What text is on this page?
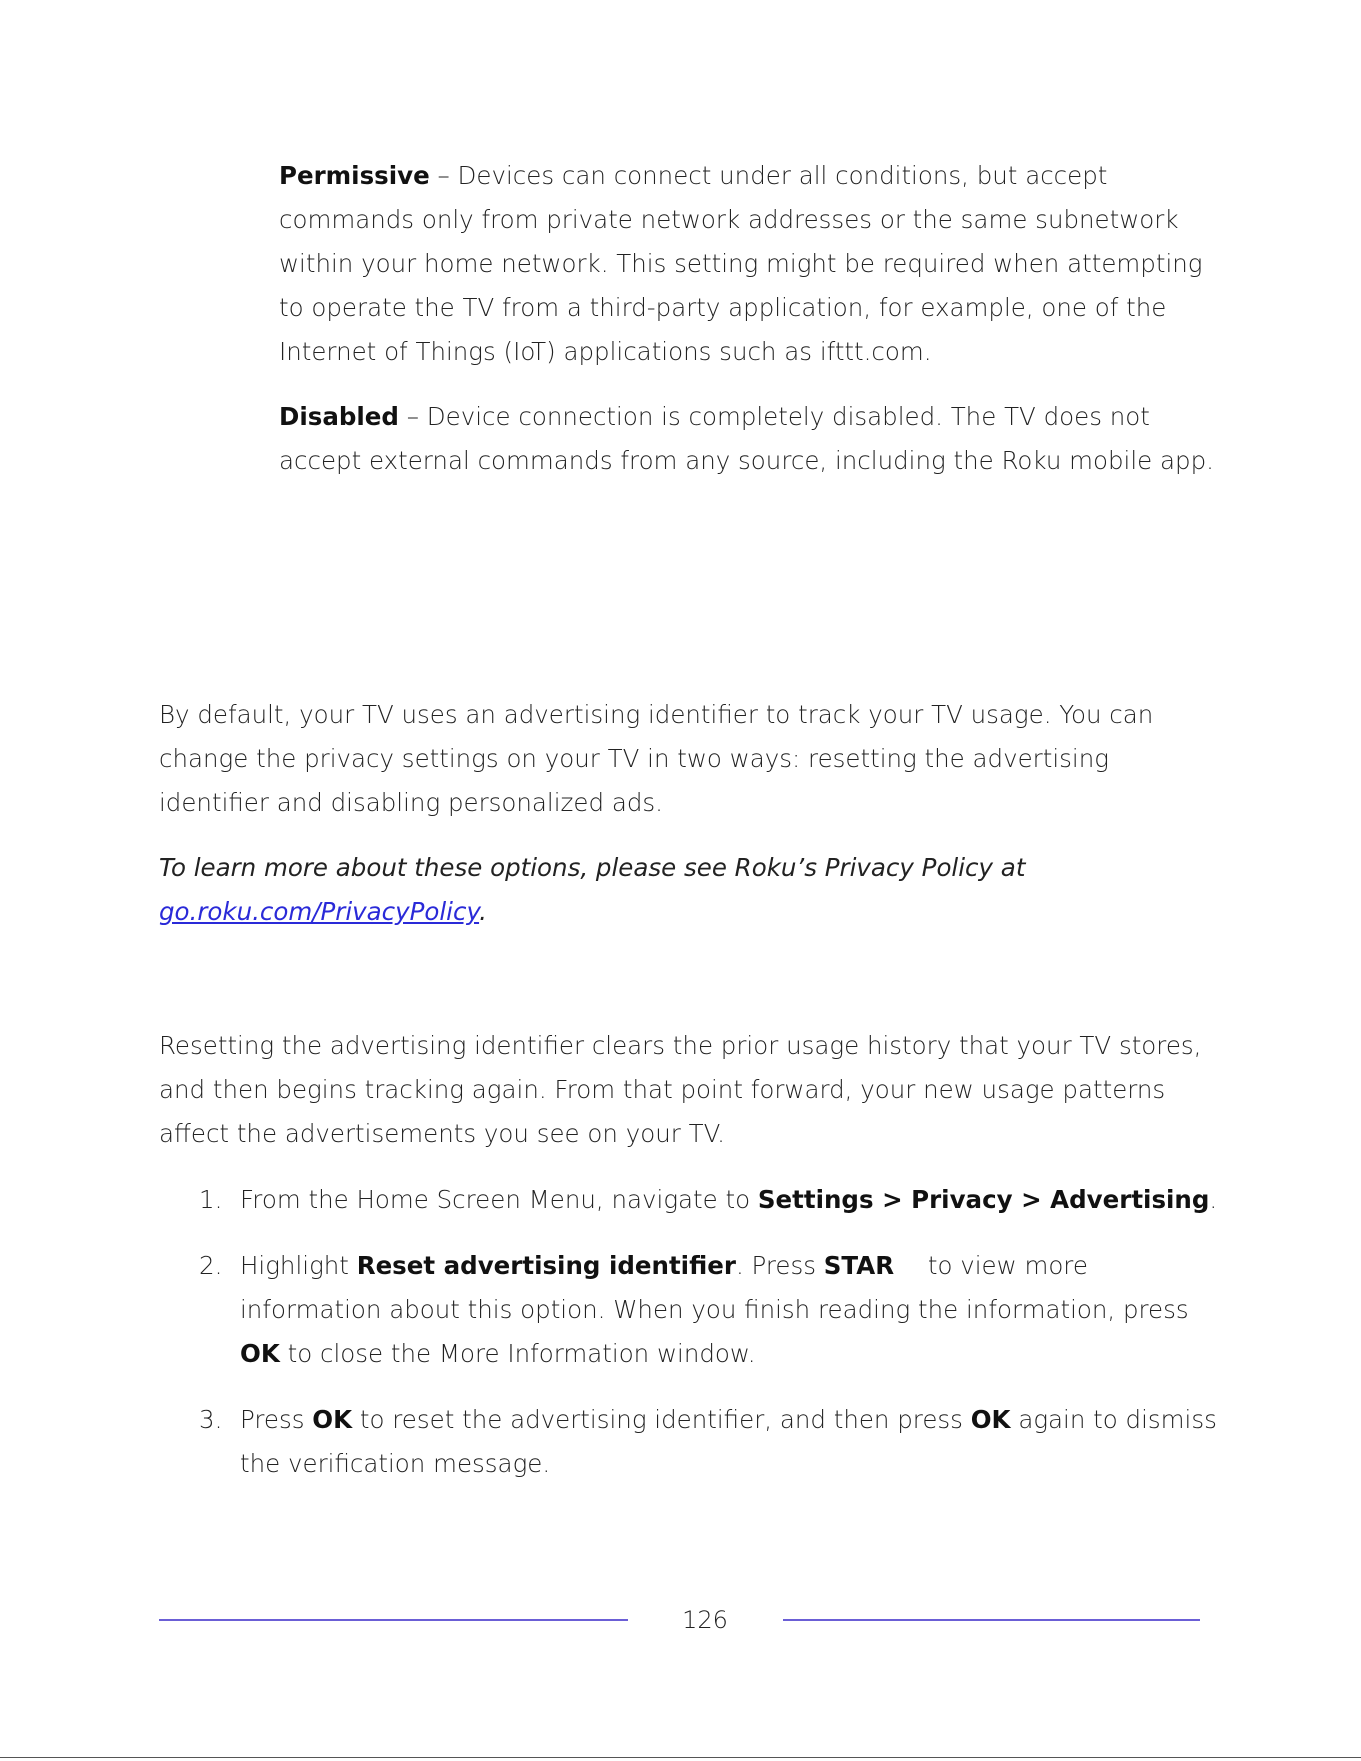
Permissive – Devices can connect under all conditions, but accept commands only from private network addresses or the same subnetwork within your home network. This setting might be required when attempting to operate the TV from a third-party application, for example, one of the Internet of Things (IoT) applications such as ifttt.com.

Disabled – Device connection is completely disabled. The TV does not accept external commands from any source, including the Roku mobile app.

By default, your TV uses an advertising identifier to track your TV usage. You can change the privacy settings on your TV in two ways: resetting the advertising identifier and disabling personalized ads.

To learn more about these options, please see Roku’s Privacy Policy at go.roku.com/PrivacyPolicy.

Resetting the advertising identifier clears the prior usage history that your TV stores, and then begins tracking again. From that point forward, your new usage patterns affect the advertisements you see on your TV.

1. From the Home Screen Menu, navigate to Settings > Privacy > Advertising.
2. Highlight Reset advertising identifier. Press STAR to view more information about this option. When you finish reading the information, press OK to close the More Information window.
3. Press OK to reset the advertising identifier, and then press OK again to dismiss the verification message.
126
